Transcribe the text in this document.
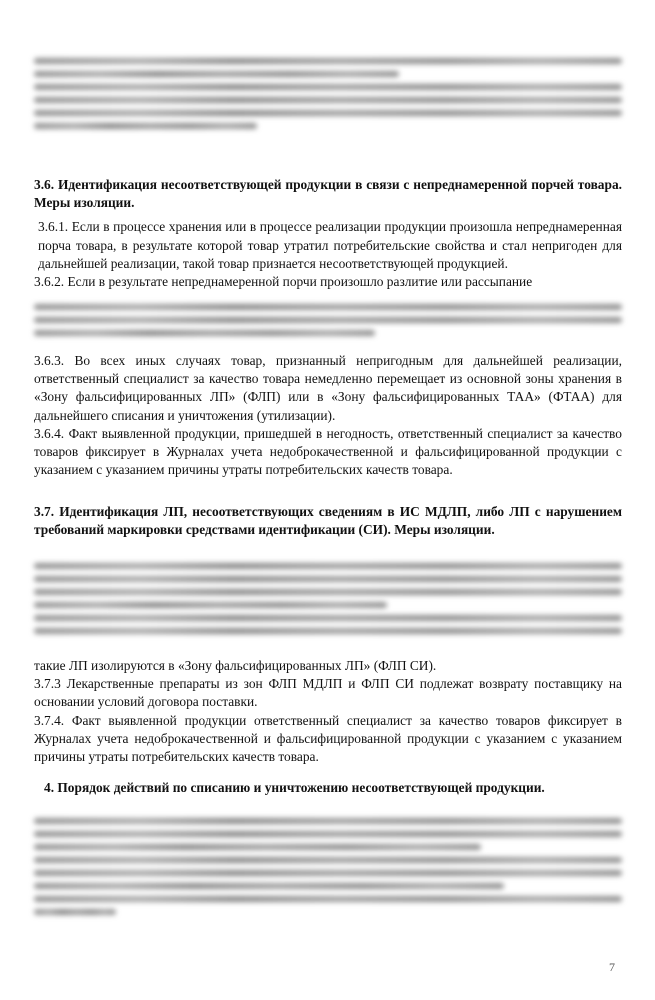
3.6. Идентификация несоответствующей продукции в связи с непреднамеренной порчей товара. Меры изоляции.

3.6.1. Если в процессе хранения или в процессе реализации продукции произошла непреднамеренная порча товара, в результате которой товар утратил потребительские свойства и стал непригоден для дальнейшей реализации, такой товар признается несоответствующей продукцией.

3.6.2. Если в результате непреднамеренной порчи произошло разлитие или рассыпание

3.6.3. Во всех иных случаях товар, признанный непригодным для дальнейшей реализации, ответственный специалист за качество товара немедленно перемещает из основной зоны хранения в «Зону фальсифицированных ЛП» (ФЛП) или в «Зону фальсифицированных ТАА» (ФТАА) для дальнейшего списания и уничтожения (утилизации).

3.6.4. Факт выявленной продукции, пришедшей в негодность, ответственный специалист за качество товаров фиксирует в Журналах учета недоброкачественной и фальсифицированной продукции с указанием с указанием причины утраты потребительских качеств товара.

3.7. Идентификация ЛП, несоответствующих сведениям в ИС МДЛП, либо ЛП с нарушением требований маркировки средствами идентификации (СИ). Меры изоляции.

такие ЛП изолируются в «Зону фальсифицированных ЛП» (ФЛП СИ).

3.7.3 Лекарственные препараты из зон ФЛП МДЛП и ФЛП СИ подлежат возврату поставщику на основании условий договора поставки.

3.7.4. Факт выявленной продукции ответственный специалист за качество товаров фиксирует в Журналах учета недоброкачественной и фальсифицированной продукции с указанием с указанием причины утраты потребительских качеств товара.

4. Порядок действий по списанию и уничтожению несоответствующей продукции.
7
